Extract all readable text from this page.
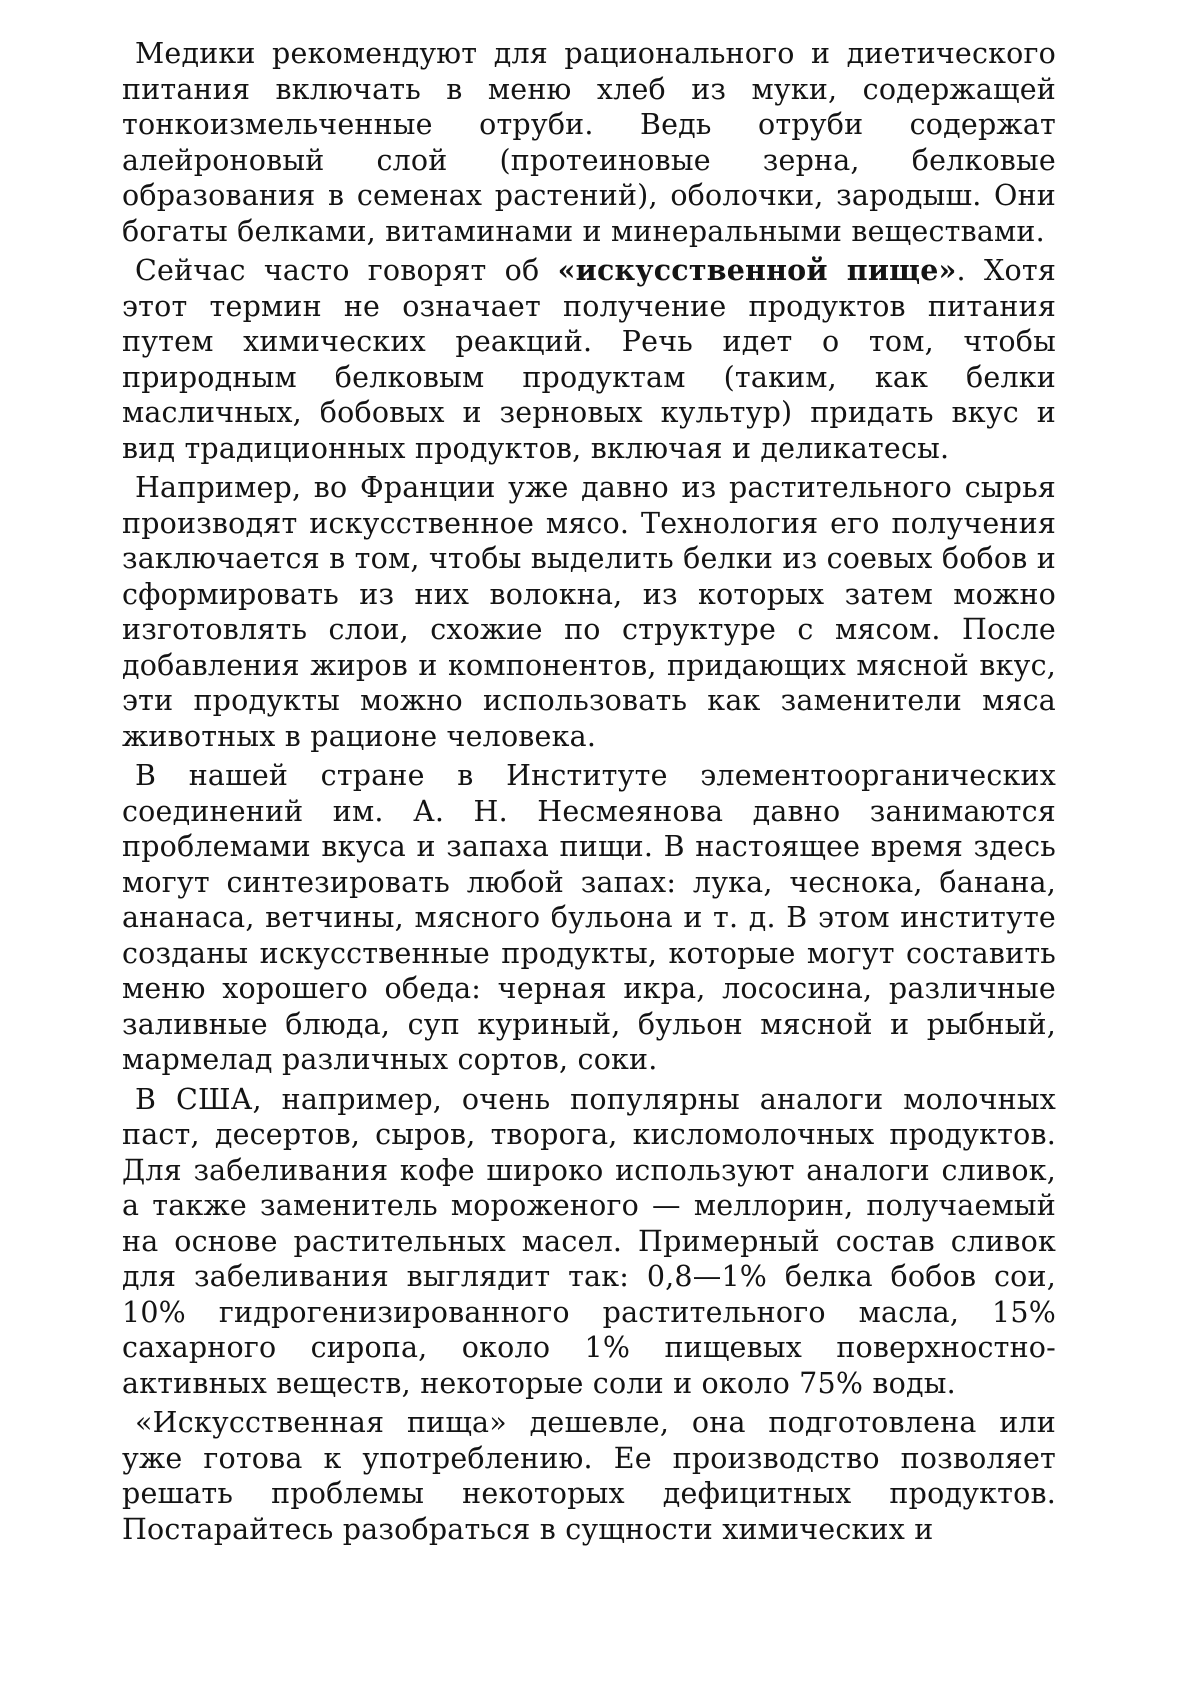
Медики рекомендуют для рационального и диетического питания включать в меню хлеб из муки, содержащей тонкоизмельченные отруби. Ведь отруби содержат алейроновый слой (протеиновые зерна, белковые образования в семенах растений), оболочки, зародыш. Они богаты белками, витаминами и минеральными веществами.

Сейчас часто говорят об «искусственной пище». Хотя этот термин не означает получение продуктов питания путем химических реакций. Речь идет о том, чтобы природным белковым продуктам (таким, как белки масличных, бобовых и зерновых культур) придать вкус и вид традиционных продуктов, включая и деликатесы.

Например, во Франции уже давно из растительного сырья производят искусственное мясо. Технология его получения заключается в том, чтобы выделить белки из соевых бобов и сформировать из них волокна, из которых затем можно изготовлять слои, схожие по структуре с мясом. После добавления жиров и компонентов, придающих мясной вкус, эти продукты можно использовать как заменители мяса животных в рационе человека.

В нашей стране в Институте элементоорганических соединений им. А. Н. Несмеянова давно занимаются проблемами вкуса и запаха пищи. В настоящее время здесь могут синтезировать любой запах: лука, чеснока, банана, ананаса, ветчины, мясного бульона и т. д. В этом институте созданы искусственные продукты, которые могут составить меню хорошего обеда: черная икра, лососина, различные заливные блюда, суп куриный, бульон мясной и рыбный, мармелад различных сортов, соки.

В США, например, очень популярны аналоги молочных паст, десертов, сыров, творога, кисломолочных продуктов. Для забеливания кофе широко используют аналоги сливок, а также заменитель мороженого — меллорин, получаемый на основе растительных масел. Примерный состав сливок для забеливания выглядит так: 0,8—1% белка бобов сои, 10% гидрогенизированного растительного масла, 15% сахарного сиропа, около 1% пищевых поверхностно-активных веществ, некоторые соли и около 75% воды.

«Искусственная пища» дешевле, она подготовлена или уже готова к употреблению. Ее производство позволяет решать проблемы некоторых дефицитных продуктов. Постарайтесь разобраться в сущности химических и
